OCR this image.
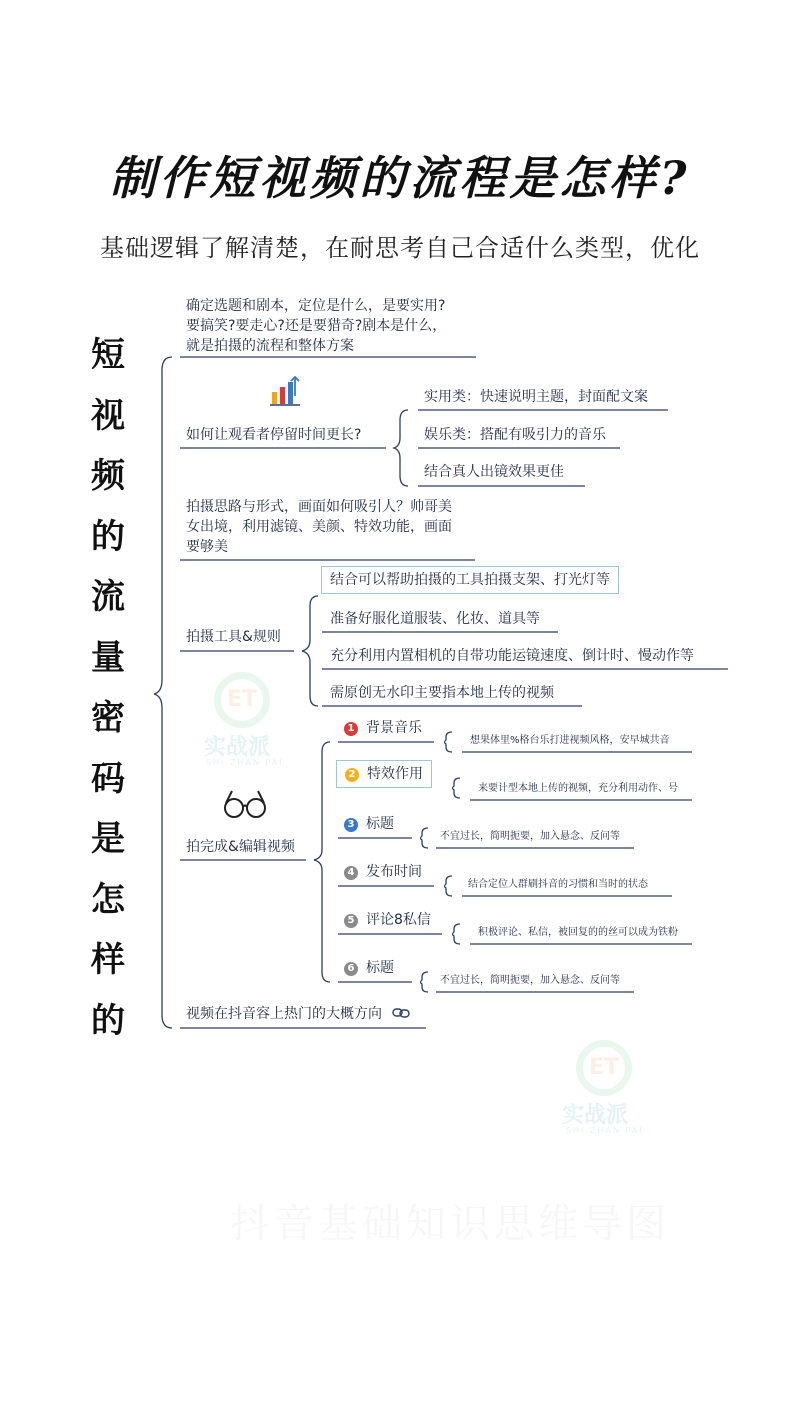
制作短视频的流程是怎样?
基础逻辑了解清楚，在耐思考自己合适什么类型，优化
短
视
频
的
流
量
密
码
是
怎
样
的
ET
实战派
SHI ZHAN PAI
ET
实战派
SHI ZHAN PAI
确定选题和剧本，定位是什么，是要实用?
要搞笑?要走心?还是要猎奇?剧本是什么，
就是拍摄的流程和整体方案
如何让观看者停留时间更长?
实用类：快速说明主题，封面配文案
娱乐类：搭配有吸引力的音乐
结合真人出镜效果更佳
拍摄思路与形式，画面如何吸引人？帅哥美
女出境，利用滤镜、美颜、特效功能，画面
要够美
拍摄工具&规则
结合可以帮助拍摄的工具拍摄支架、打光灯等
准备好服化道服装、化妆、道具等
充分利用内置相机的自带功能运镜速度、倒计时、慢动作等
需原创无水印主要指本地上传的视频
拍完成&编辑视频
1 背景音乐
想果体里%格台乐打进视频风格，安早城共音
2 特效作用
来要计型本地上传的视频，充分利用动作、号
3 标题
不宜过长，简明扼要，加入悬念、反问等
4 发布时间
结合定位人群刷抖音的习惯和当时的状态
5 评论8私信
积极评论、私信，被回复的的丝可以成为铁粉
6 标题
不宜过长，简明扼要，加入悬念、反问等
视频在抖音容上热门的大概方向
